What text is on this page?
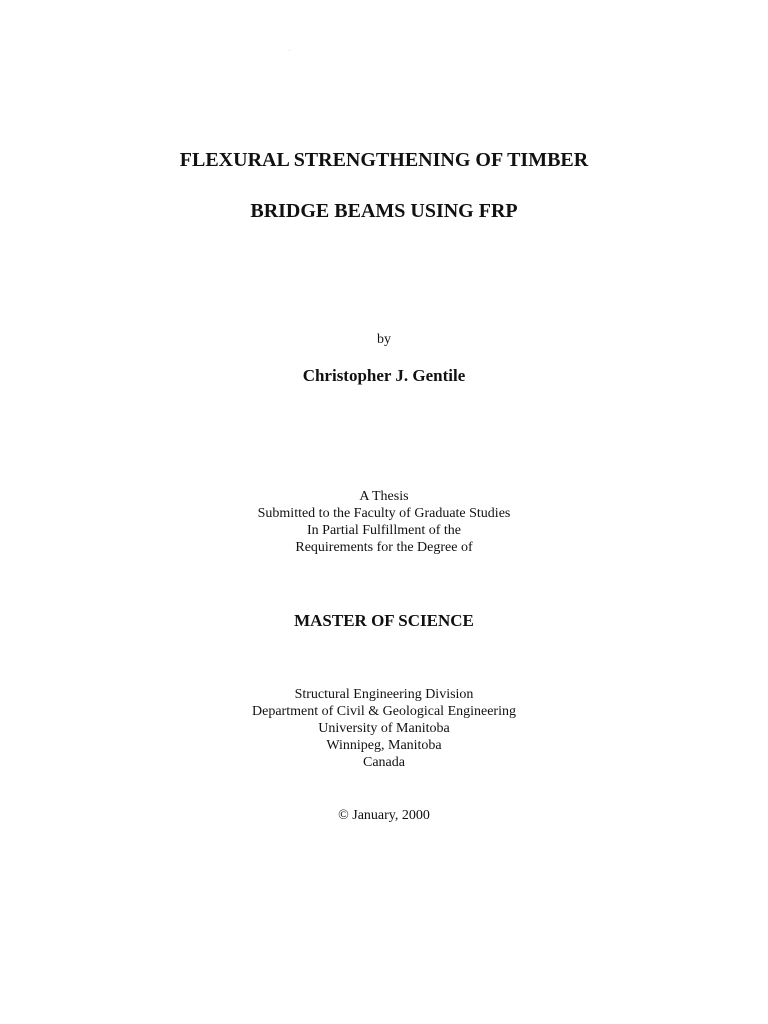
FLEXURAL STRENGTHENING OF TIMBER
BRIDGE BEAMS USING FRP
by
Christopher J. Gentile
A Thesis
Submitted to the Faculty of Graduate Studies
In Partial Fulfillment of the
Requirements for the Degree of
MASTER OF SCIENCE
Structural Engineering Division
Department of Civil & Geological Engineering
University of Manitoba
Winnipeg, Manitoba
Canada
© January, 2000
